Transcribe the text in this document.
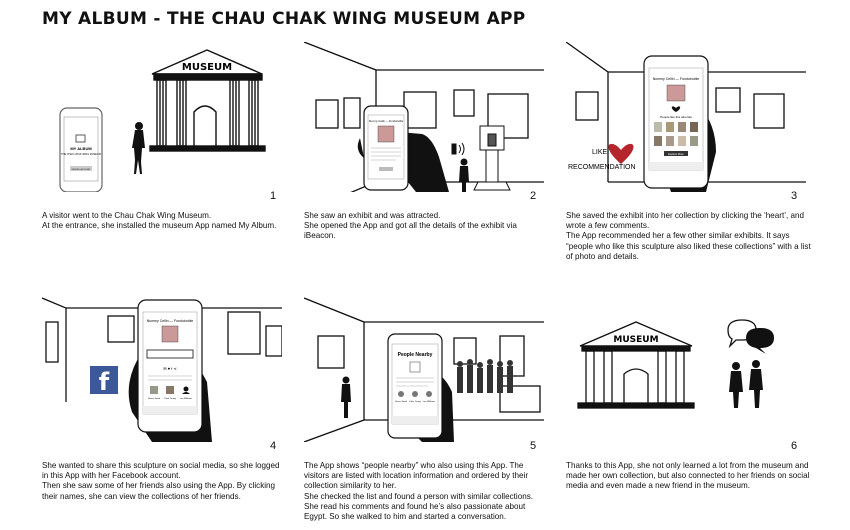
MY ALBUM - THE CHAU CHAK WING MUSEUM APP
MY ALBUM
THE CHAU CHAK WING MUSEUM
SIGN IN / ACCOUNT
MUSEUM
1
A visitor went to the Chau Chak Wing Museum.
At the entrance, she installed the museum App named My Album.
Nummy Cellin — Funduinoble
2
She saw an exhibit and was attracted.
She opened the App and got all the details of the exhibit via iBeacon.
Nummy Cellin — Funduinoble
People like this also like
Explore More
LIKE
RECOMMENDATION
3
She saved the exhibit into her collection by clicking the ‘heart’, and wrote a few comments.
The App recommended her a few other similar exhibits. It says “people who like this sculpture also liked these collections” with a list of photo and details.
f
Nummy Cellin — Funduinoble
✉ ♥ f ⋖
Grace Smith	Olive Young	Leo Williams
4
She wanted to share this sculpture on social media, so she logged in this App with her Facebook account.
Then she saw some of her friends also using the App. By clicking their names, she can view the collections of her friends.
People Nearby
Grace Smith Olive Young Leo Williams
5
The App shows “people nearby” who also using this App. The visitors are listed with location information and ordered by their collection similarity to her.
She checked the list and found a person with similar collections. She read his comments and found he’s also passionate about Egypt. So she walked to him and started a conversation.
MUSEUM
6
Thanks to this App, she not only learned a lot from the museum and made her own collection, but also connected to her friends on social media and even made a new friend in the museum.
